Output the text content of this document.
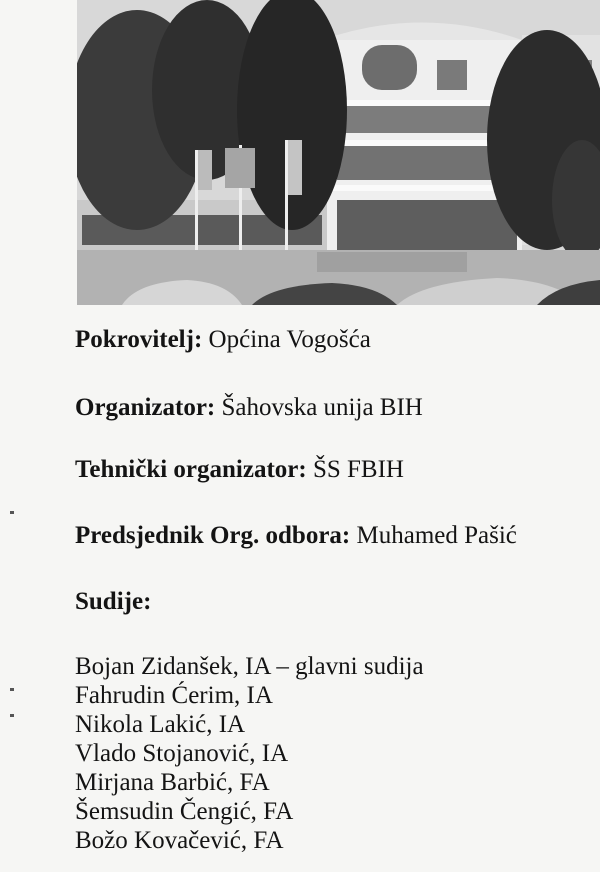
Pokrovitelj: Općina Vogošća
Organizator: Šahovska unija BIH
Tehnički organizator: ŠS FBIH
Predsjednik Org. odbora: Muhamed Pašić
Sudije:
Bojan Zidanšek, IA – glavni sudija
Fahrudin Ćerim, IA
Nikola Lakić, IA
Vlado Stojanović, IA
Mirjana Barbić, FA
Šemsudin Čengić, FA
Božo Kovačević, FA
